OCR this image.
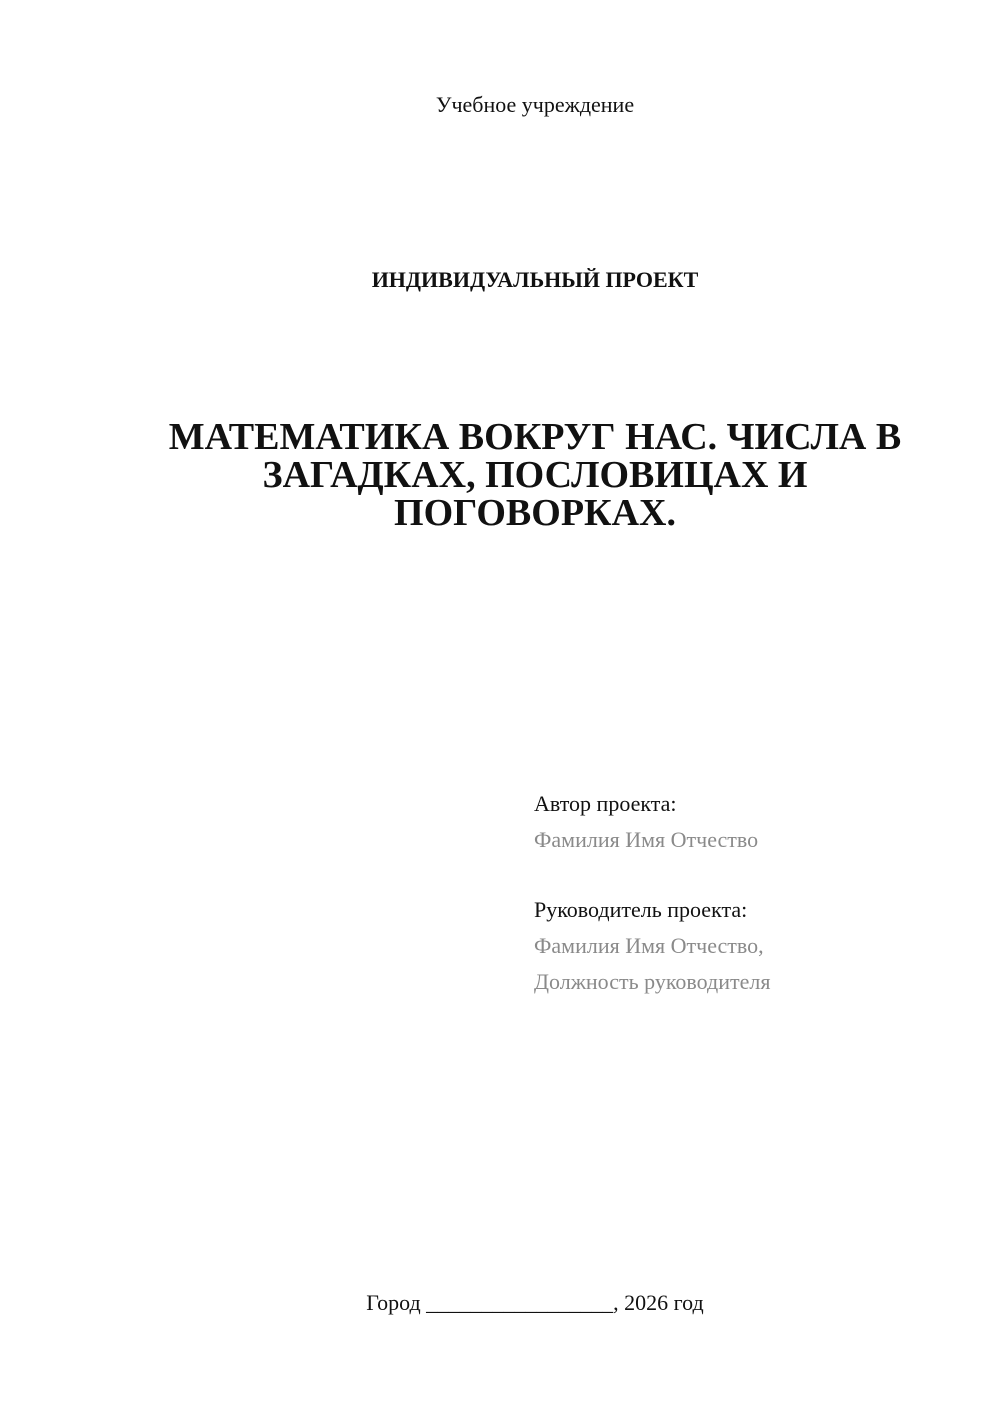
Учебное учреждение
ИНДИВИДУАЛЬНЫЙ ПРОЕКТ
МАТЕМАТИКА ВОКРУГ НАС. ЧИСЛА В
ЗАГАДКАХ, ПОСЛОВИЦАХ И
ПОГОВОРКАХ.
Автор проекта:
Фамилия Имя Отчество
Руководитель проекта:
Фамилия Имя Отчество,
Должность руководителя
Город _________________, 2026 год
